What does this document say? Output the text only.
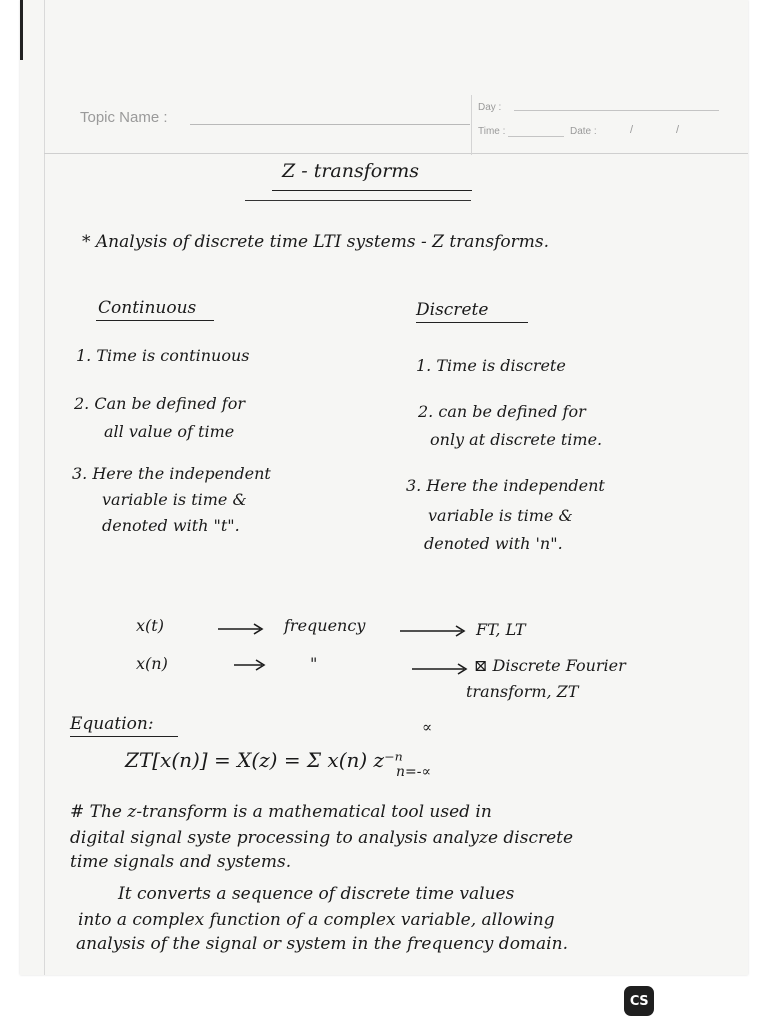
Topic Name :
Day :
Time :	Date :	/	/
Z - transforms
* Analysis of discrete time LTI systems - Z transforms.
Continuous	Discrete
1. Time is continuous
2. Can be defined for
all value of time
3. Here the independent
variable is time &
denoted with "t".
1. Time is discrete
2. can be defined for
only at discrete time.
3. Here the independent
variable is time &
denoted with 'n".
x(t)	frequency	FT, LT
x(n)	"	⊠ Discrete Fourier
transform, ZT
Equation:	∝
ZT[x(n)] = X(z) = Σ x(n) z⁻ⁿ
n=-∝
# The z-transform is a mathematical tool used in
digital signal syste processing to analysis analyze discrete
time signals and systems.
It converts a sequence of discrete time values
into a complex function of a complex variable, allowing
analysis of the signal or system in the frequency domain.
CS
